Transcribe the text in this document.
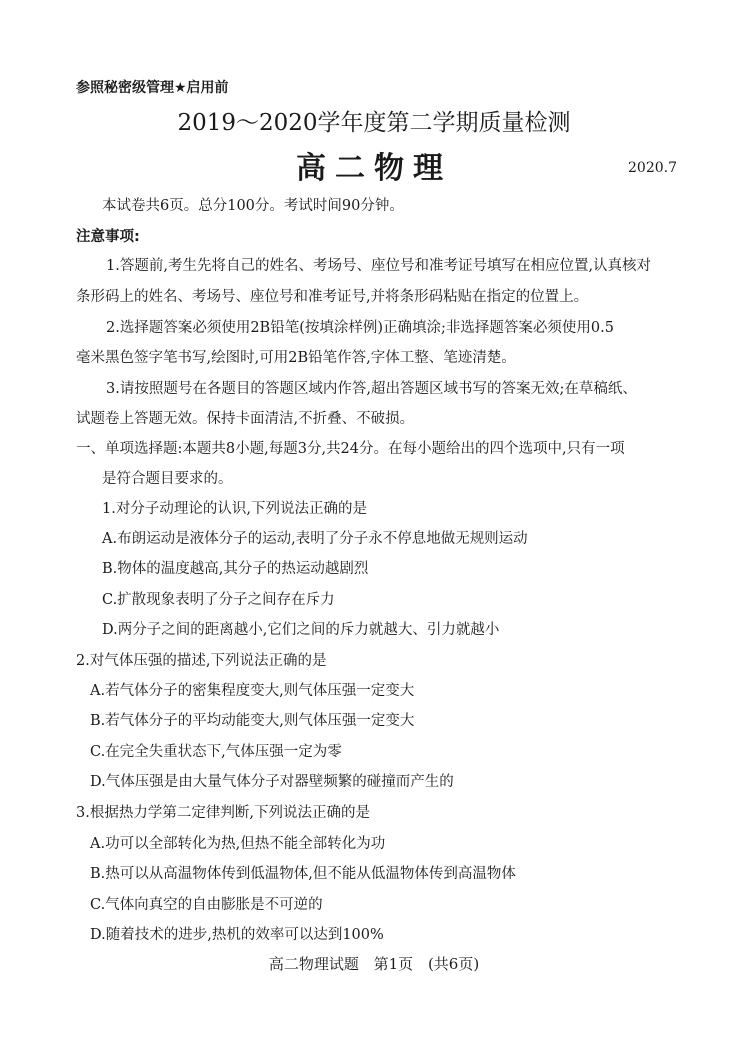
参照秘密级管理★启用前
2019～2020学年度第二学期质量检测
高二物理	2020.7
本试卷共6页。总分100分。考试时间90分钟。
注意事项:
1.答题前,考生先将自己的姓名、考场号、座位号和准考证号填写在相应位置,认真核对
条形码上的姓名、考场号、座位号和准考证号,并将条形码粘贴在指定的位置上。
2.选择题答案必须使用2B铅笔(按填涂样例)正确填涂;非选择题答案必须使用0.5
毫米黑色签字笔书写,绘图时,可用2B铅笔作答,字体工整、笔迹清楚。
3.请按照题号在各题目的答题区域内作答,超出答题区域书写的答案无效;在草稿纸、
试题卷上答题无效。保持卡面清洁,不折叠、不破损。
一、单项选择题:本题共8小题,每题3分,共24分。在每小题给出的四个选项中,只有一项
是符合题目要求的。
1.对分子动理论的认识,下列说法正确的是
A.布朗运动是液体分子的运动,表明了分子永不停息地做无规则运动
B.物体的温度越高,其分子的热运动越剧烈
C.扩散现象表明了分子之间存在斥力
D.两分子之间的距离越小,它们之间的斥力就越大、引力就越小
2.对气体压强的描述,下列说法正确的是
A.若气体分子的密集程度变大,则气体压强一定变大
B.若气体分子的平均动能变大,则气体压强一定变大
C.在完全失重状态下,气体压强一定为零
D.气体压强是由大量气体分子对器壁频繁的碰撞而产生的
3.根据热力学第二定律判断,下列说法正确的是
A.功可以全部转化为热,但热不能全部转化为功
B.热可以从高温物体传到低温物体,但不能从低温物体传到高温物体
C.气体向真空的自由膨胀是不可逆的
D.随着技术的进步,热机的效率可以达到100%
高二物理试题 第1页 (共6页)
